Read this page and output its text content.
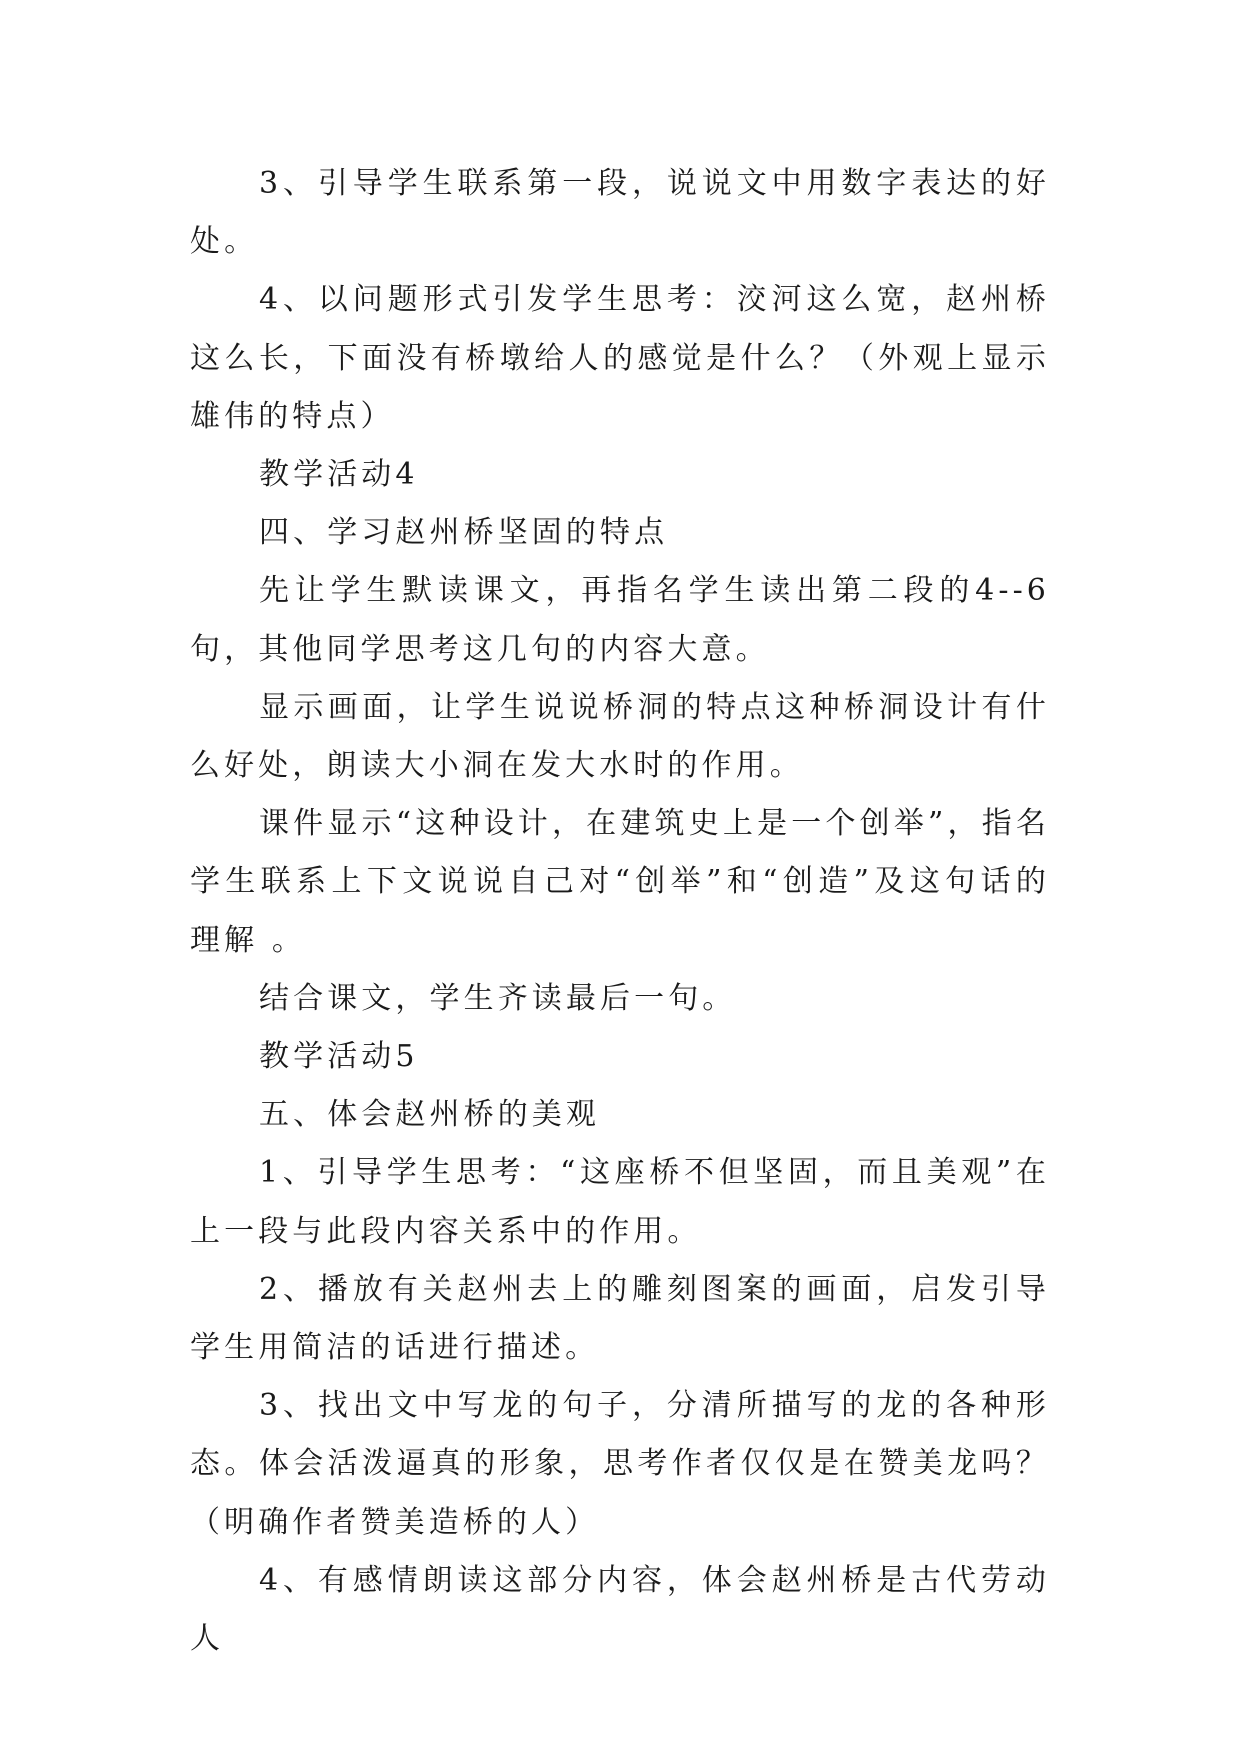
3、引导学生联系第一段，说说文中用数字表达的好处。

4、以问题形式引发学生思考：洨河这么宽，赵州桥这么长，下面没有桥墩给人的感觉是什么？（外观上显示雄伟的特点）

教学活动4

四、学习赵州桥坚固的特点

先让学生默读课文，再指名学生读出第二段的4--6句，其他同学思考这几句的内容大意。

显示画面，让学生说说桥洞的特点这种桥洞设计有什么好处，朗读大小洞在发大水时的作用。

课件显示“这种设计，在建筑史上是一个创举”，指名学生联系上下文说说自己对“创举”和“创造”及这句话的理解 。

结合课文，学生齐读最后一句。

教学活动5

五、体会赵州桥的美观

1、引导学生思考：“这座桥不但坚固，而且美观”在上一段与此段内容关系中的作用。

2、播放有关赵州去上的雕刻图案的画面，启发引导学生用简洁的话进行描述。

3、找出文中写龙的句子，分清所描写的龙的各种形态。体会活泼逼真的形象，思考作者仅仅是在赞美龙吗？（明确作者赞美造桥的人）

4、有感情朗读这部分内容，体会赵州桥是古代劳动人
